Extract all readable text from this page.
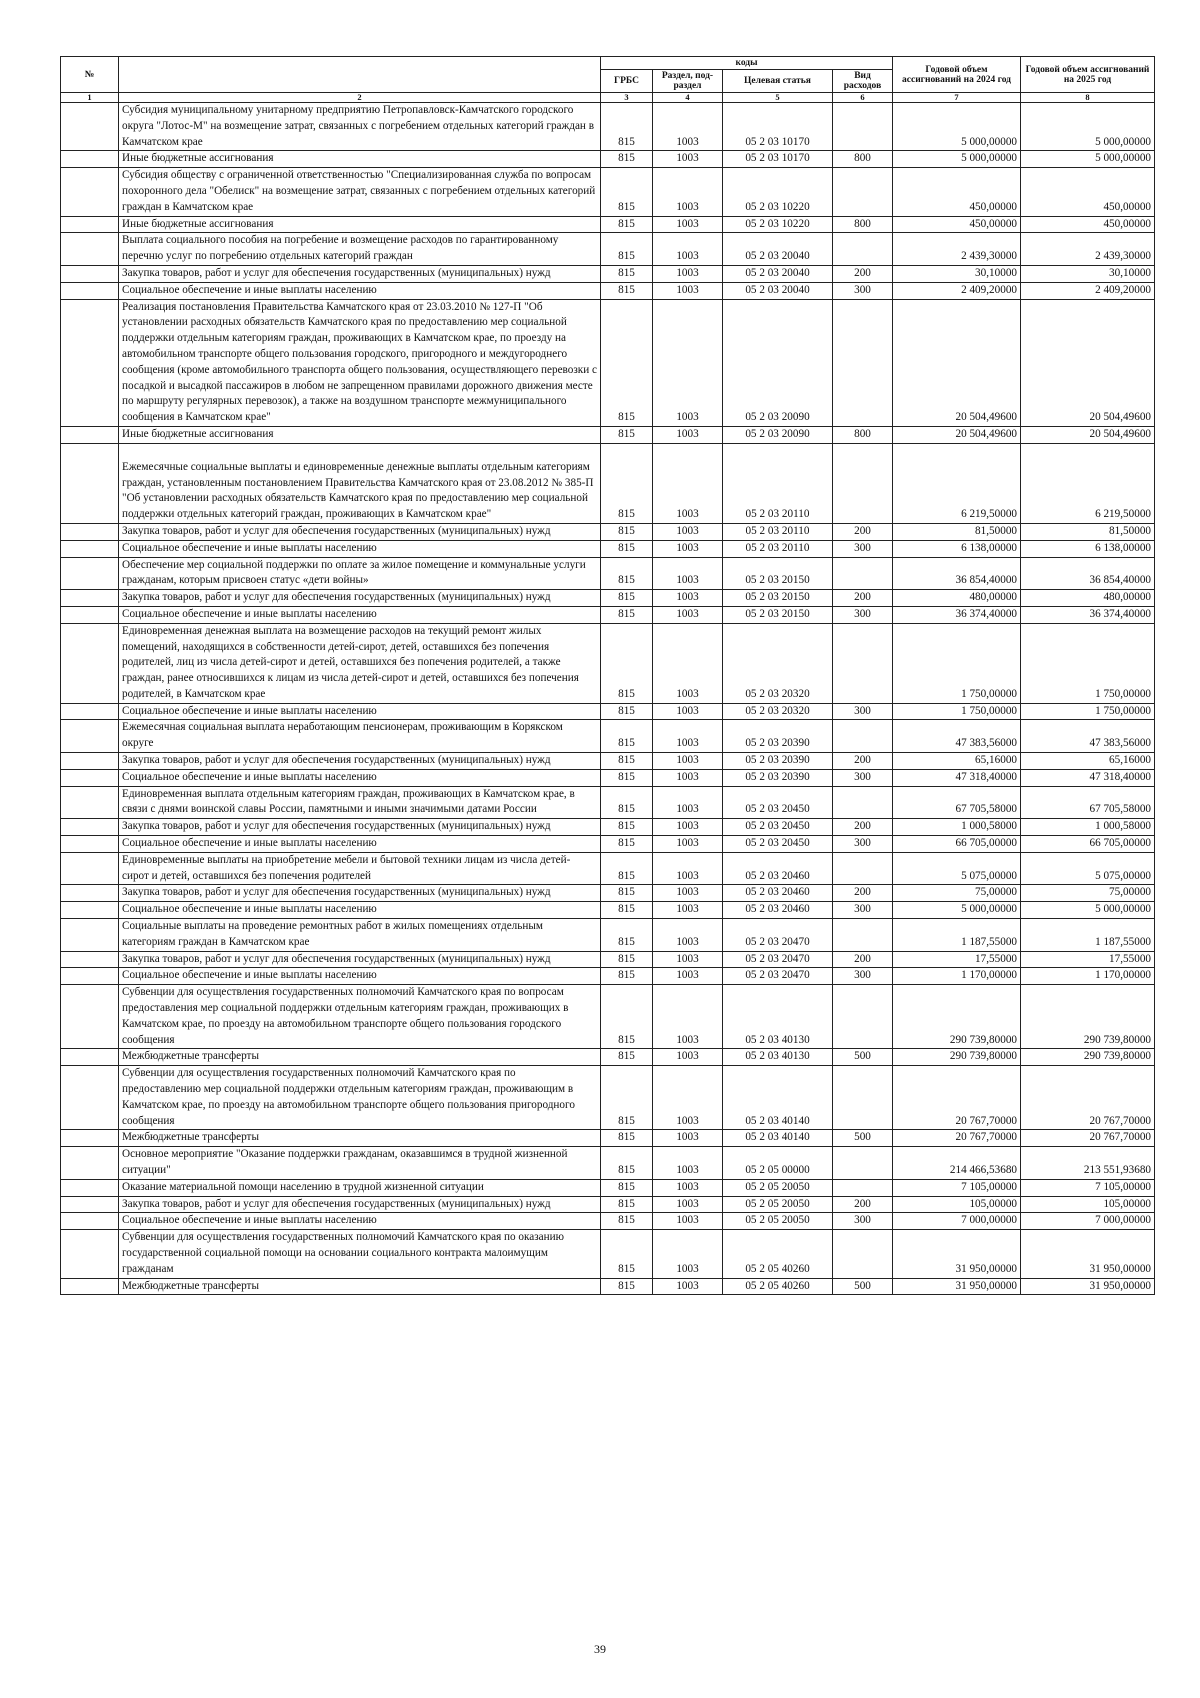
№		коды				Годовой объем ассигнований на 2024 год	Годовой объем ассигнований на 2025 год
		ГРБС	Раздел, под-раздел	Целевая статья	Вид расходов		
1	2	3	4	5	6	7	8
	Субсидия муниципальному унитарному предприятию Петропавловск-Камчатского городского округа "Лотос-М" на возмещение затрат, связанных с погребением отдельных категорий граждан в Камчатском крае	815	1003	05 2 03 10170		5 000,00000	5 000,00000
	Иные бюджетные ассигнования	815	1003	05 2 03 10170	800	5 000,00000	5 000,00000
	Субсидия обществу с ограниченной ответственностью "Специализированная служба по вопросам похоронного дела "Обелиск" на возмещение затрат, связанных с погребением отдельных категорий граждан в Камчатском крае	815	1003	05 2 03 10220		450,00000	450,00000
	Иные бюджетные ассигнования	815	1003	05 2 03 10220	800	450,00000	450,00000
	Выплата социального пособия на погребение и возмещение расходов по гарантированному перечню услуг по погребению отдельных категорий граждан	815	1003	05 2 03 20040		2 439,30000	2 439,30000
	Закупка товаров, работ и услуг для обеспечения государственных (муниципальных) нужд	815	1003	05 2 03 20040	200	30,10000	30,10000
	Социальное обеспечение и иные выплаты населению	815	1003	05 2 03 20040	300	2 409,20000	2 409,20000
	Реализация постановления Правительства Камчатского края от 23.03.2010 № 127-П "Об установлении расходных обязательств Камчатского края по предоставлению мер социальной поддержки отдельным категориям граждан, проживающих в Камчатском крае, по проезду на автомобильном транспорте общего пользования городского, пригородного и междугороднего сообщения (кроме автомобильного транспорта общего пользования, осуществляющего перевозки с посадкой и высадкой пассажиров в любом не запрещенном правилами дорожного движения месте по маршруту регулярных перевозок), а также на воздушном транспорте межмуниципального сообщения в Камчатском крае"	815	1003	05 2 03 20090		20 504,49600	20 504,49600
	Иные бюджетные ассигнования	815	1003	05 2 03 20090	800	20 504,49600	20 504,49600
	Ежемесячные социальные выплаты и единовременные денежные выплаты отдельным категориям граждан, установленным постановлением Правительства Камчатского края от 23.08.2012 № 385-П "Об установлении расходных обязательств Камчатского края по предоставлению мер социальной поддержки отдельных категорий граждан, проживающих в Камчатском крае"	815	1003	05 2 03 20110		6 219,50000	6 219,50000
	Закупка товаров, работ и услуг для обеспечения государственных (муниципальных) нужд	815	1003	05 2 03 20110	200	81,50000	81,50000
	Социальное обеспечение и иные выплаты населению	815	1003	05 2 03 20110	300	6 138,00000	6 138,00000
	Обеспечение мер социальной поддержки по оплате за жилое помещение и коммунальные услуги гражданам, которым присвоен статус «дети войны»	815	1003	05 2 03 20150		36 854,40000	36 854,40000
	Закупка товаров, работ и услуг для обеспечения государственных (муниципальных) нужд	815	1003	05 2 03 20150	200	480,00000	480,00000
	Социальное обеспечение и иные выплаты населению	815	1003	05 2 03 20150	300	36 374,40000	36 374,40000
	Единовременная денежная выплата на возмещение расходов на текущий ремонт жилых помещений, находящихся в собственности детей-сирот, детей, оставшихся без попечения родителей, лиц из числа детей-сирот и детей, оставшихся без попечения родителей, а также граждан, ранее относившихся к лицам из числа детей-сирот и детей, оставшихся без попечения родителей, в Камчатском крае	815	1003	05 2 03 20320		1 750,00000	1 750,00000
	Социальное обеспечение и иные выплаты населению	815	1003	05 2 03 20320	300	1 750,00000	1 750,00000
	Ежемесячная социальная выплата неработающим пенсионерам, проживающим в Корякском округе	815	1003	05 2 03 20390		47 383,56000	47 383,56000
	Закупка товаров, работ и услуг для обеспечения государственных (муниципальных) нужд	815	1003	05 2 03 20390	200	65,16000	65,16000
	Социальное обеспечение и иные выплаты населению	815	1003	05 2 03 20390	300	47 318,40000	47 318,40000
	Единовременная выплата отдельным категориям граждан, проживающих в Камчатском крае, в связи с днями воинской славы России, памятными и иными значимыми датами России	815	1003	05 2 03 20450		67 705,58000	67 705,58000
	Закупка товаров, работ и услуг для обеспечения государственных (муниципальных) нужд	815	1003	05 2 03 20450	200	1 000,58000	1 000,58000
	Социальное обеспечение и иные выплаты населению	815	1003	05 2 03 20450	300	66 705,00000	66 705,00000
	Единовременные выплаты на приобретение мебели и бытовой техники лицам из числа детей-сирот и детей, оставшихся без попечения родителей	815	1003	05 2 03 20460		5 075,00000	5 075,00000
	Закупка товаров, работ и услуг для обеспечения государственных (муниципальных) нужд	815	1003	05 2 03 20460	200	75,00000	75,00000
	Социальное обеспечение и иные выплаты населению	815	1003	05 2 03 20460	300	5 000,00000	5 000,00000
	Социальные выплаты на проведение ремонтных работ в жилых помещениях отдельным категориям граждан в Камчатском крае	815	1003	05 2 03 20470		1 187,55000	1 187,55000
	Закупка товаров, работ и услуг для обеспечения государственных (муниципальных) нужд	815	1003	05 2 03 20470	200	17,55000	17,55000
	Социальное обеспечение и иные выплаты населению	815	1003	05 2 03 20470	300	1 170,00000	1 170,00000
	Субвенции для осуществления государственных полномочий Камчатского края по вопросам предоставления мер социальной поддержки отдельным категориям граждан, проживающих в Камчатском крае, по проезду на автомобильном транспорте общего пользования городского сообщения	815	1003	05 2 03 40130		290 739,80000	290 739,80000
	Межбюджетные трансферты	815	1003	05 2 03 40130	500	290 739,80000	290 739,80000
	Субвенции для осуществления государственных полномочий Камчатского края по предоставлению мер социальной поддержки отдельным категориям граждан, проживающим в Камчатском крае, по проезду на автомобильном транспорте общего пользования пригородного сообщения	815	1003	05 2 03 40140		20 767,70000	20 767,70000
	Межбюджетные трансферты	815	1003	05 2 03 40140	500	20 767,70000	20 767,70000
	Основное мероприятие "Оказание поддержки гражданам, оказавшимся в трудной жизненной ситуации"	815	1003	05 2 05 00000		214 466,53680	213 551,93680
	Оказание материальной помощи населению в трудной жизненной ситуации	815	1003	05 2 05 20050		7 105,00000	7 105,00000
	Закупка товаров, работ и услуг для обеспечения государственных (муниципальных) нужд	815	1003	05 2 05 20050	200	105,00000	105,00000
	Социальное обеспечение и иные выплаты населению	815	1003	05 2 05 20050	300	7 000,00000	7 000,00000
	Субвенции для осуществления государственных полномочий Камчатского края по оказанию государственной социальной помощи на основании социального контракта малоимущим гражданам	815	1003	05 2 05 40260		31 950,00000	31 950,00000
	Межбюджетные трансферты	815	1003	05 2 05 40260	500	31 950,00000	31 950,00000
39
